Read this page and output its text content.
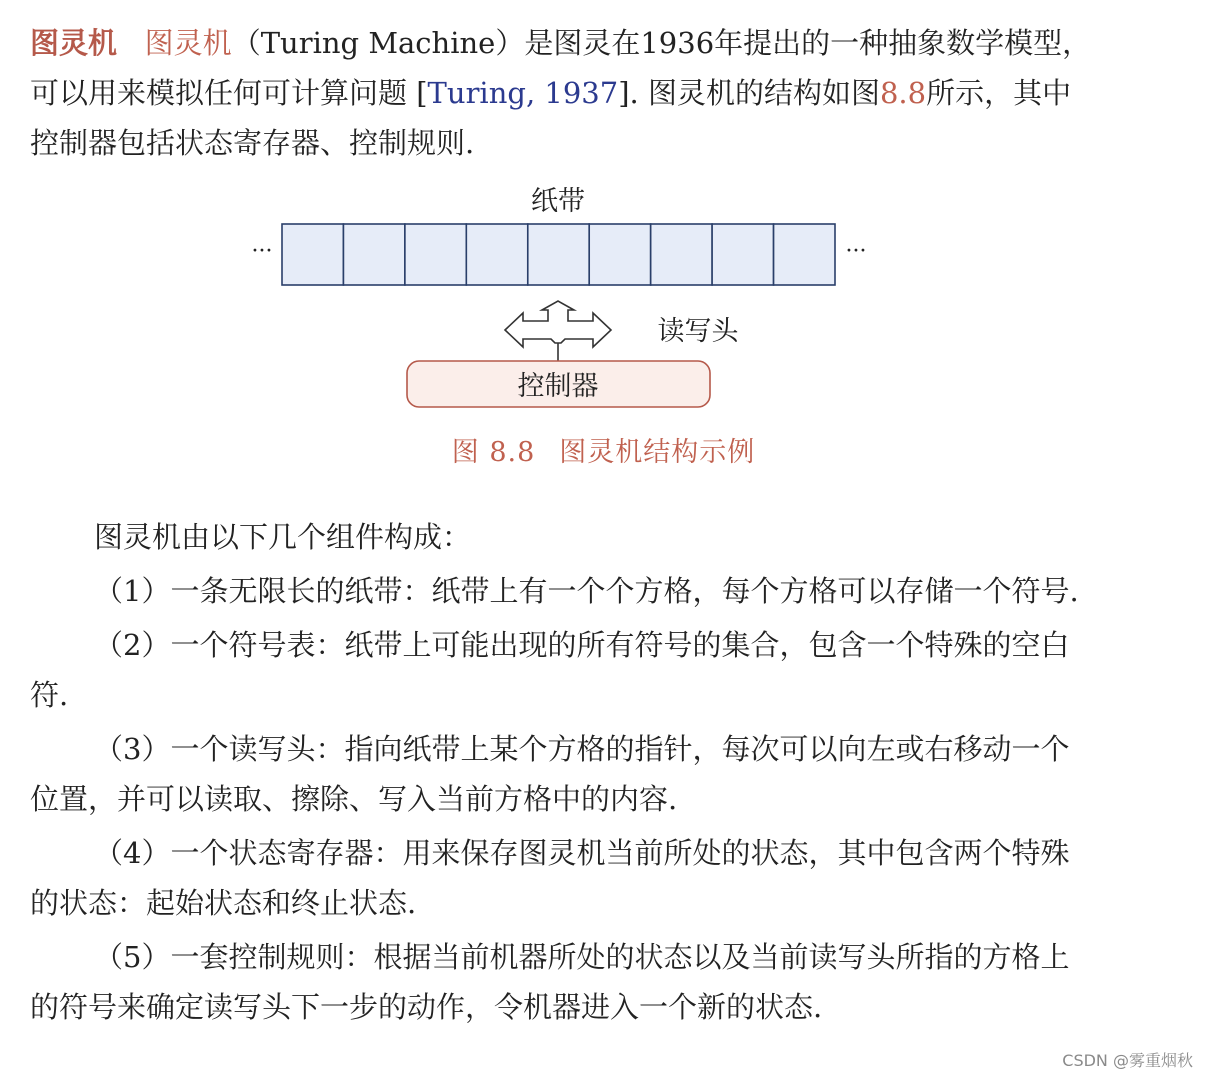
图灵机 图灵机（Turing Machine）是图灵在1936年提出的一种抽象数学模型，
可以用来模拟任何可计算问题 [Turing, 1937]. 图灵机的结构如图8.8所示，其中
控制器包括状态寄存器、控制规则.

纸带
···	···
读写头
控制器
图 8.8 图灵机结构示例

图灵机由以下几个组件构成：

（1）一条无限长的纸带：纸带上有一个个方格，每个方格可以存储一个符号.

（2）一个符号表：纸带上可能出现的所有符号的集合，包含一个特殊的空白符.

（3）一个读写头：指向纸带上某个方格的指针，每次可以向左或右移动一个位置，并可以读取、擦除、写入当前方格中的内容.

（4）一个状态寄存器：用来保存图灵机当前所处的状态，其中包含两个特殊的状态：起始状态和终止状态.

（5）一套控制规则：根据当前机器所处的状态以及当前读写头所指的方格上的符号来确定读写头下一步的动作，令机器进入一个新的状态.

CSDN @雾重烟秋
